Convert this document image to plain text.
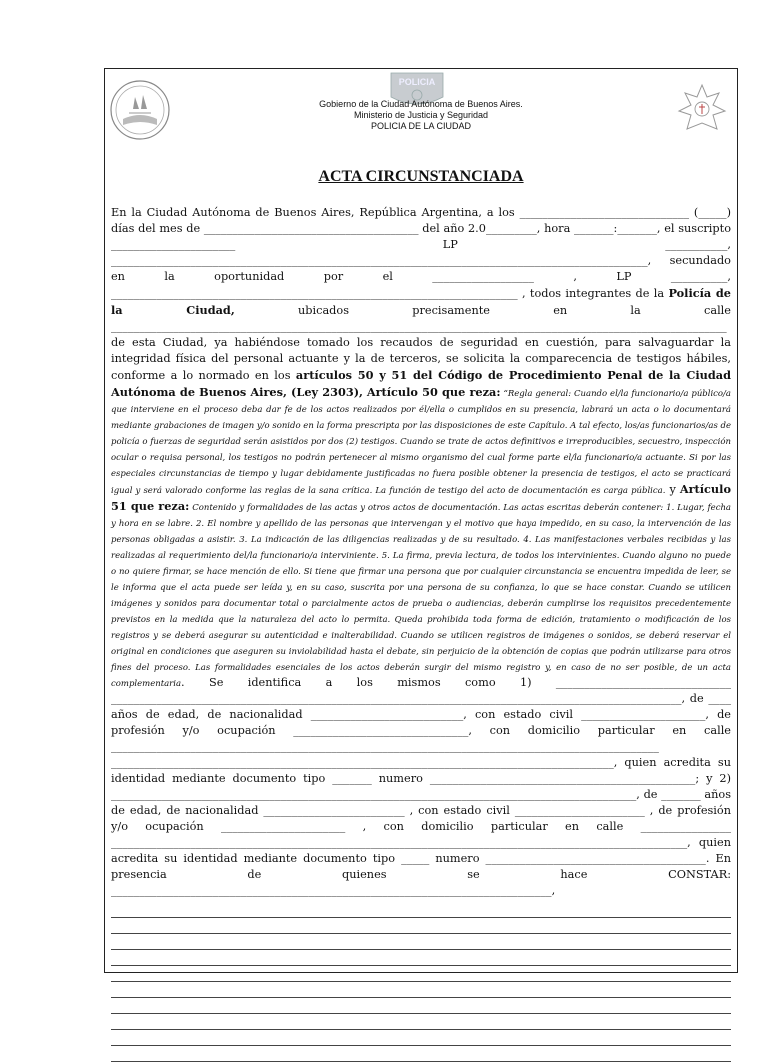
POLICIA
Gobierno de la Ciudad Autónoma de Buenos Aires.
Ministerio de Justicia y Seguridad
POLICIA DE LA CIUDAD
ACTA CIRCUNSTANCIADA

En la Ciudad Autónoma de Buenos Aires, República Argentina, a los ______________________________ (_____) días del mes de ______________________________________ del año 2.0_________, hora _______:_______, el suscripto ______________________ LP ___________, _______________________________________________________________________________________________, secundado en la oportunidad por el __________________ , LP __________, ________________________________________________________________________ , todos integrantes de la Policía de la Ciudad, ubicados precisamente en la calle _____________________________________________________________________________________________________________ de esta Ciudad, ya habiéndose tomado los recaudos de seguridad en cuestión, para salvaguardar la integridad física del personal actuante y la de terceros, se solicita la comparecencia de testigos hábiles, conforme a lo normado en los artículos 50 y 51 del Código de Procedimiento Penal de la Ciudad Autónoma de Buenos Aires, (Ley 2303), Artículo 50 que reza: “Regla general: Cuando el/la funcionario/a público/a que interviene en el proceso deba dar fe de los actos realizados por él/ella o cumplidos en su presencia, labrará un acta o lo documentará mediante grabaciones de imagen y/o sonido en la forma prescripta por las disposiciones de este Capítulo. A tal efecto, los/as funcionarios/as de policía o fuerzas de seguridad serán asistidos por dos (2) testigos. Cuando se trate de actos definitivos e irreproducibles, secuestro, inspección ocular o requisa personal, los testigos no podrán pertenecer al mismo organismo del cual forme parte el/la funcionario/a actuante. Si por las especiales circunstancias de tiempo y lugar debidamente justificadas no fuera posible obtener la presencia de testigos, el acto se practicará igual y será valorado conforme las reglas de la sana crítica. La función de testigo del acto de documentación es carga pública. y Artículo 51 que reza: Contenido y formalidades de las actas y otros actos de documentación. Las actas escritas deberán contener: 1. Lugar, fecha y hora en se labre. 2. El nombre y apellido de las personas que intervengan y el motivo que haya impedido, en su caso, la intervención de las personas obligadas a asistir. 3. La indicación de las diligencias realizadas y de su resultado. 4. Las manifestaciones verbales recibidas y las realizadas al requerimiento del/la funcionario/a interviniente. 5. La firma, previa lectura, de todos los intervinientes. Cuando alguno no puede o no quiere firmar, se hace mención de ello. Si tiene que firmar una persona que por cualquier circunstancia se encuentra impedida de leer, se le informa que el acta puede ser leída y, en su caso, suscrita por una persona de su confianza, lo que se hace constar. Cuando se utilicen imágenes y sonidos para documentar total o parcialmente actos de prueba o audiencias, deberán cumplirse los requisitos precedentemente previstos en la medida que la naturaleza del acto lo permita. Queda prohibida toda forma de edición, tratamiento o modificación de los registros y se deberá asegurar su autenticidad e inalterabilidad. Cuando se utilicen registros de imágenes o sonidos, se deberá reservar el original en condiciones que aseguren su inviolabilidad hasta el debate, sin perjuicio de la obtención de copias que podrán utilizarse para otros fines del proceso. Las formalidades esenciales de los actos deberán surgir del mismo registro y, en caso de no ser posible, de un acta complementaria. Se identifica a los mismos como 1) _______________________________ _____________________________________________________________________________________________________, de ____ años de edad, de nacionalidad ___________________________, con estado civil ______________________, de profesión y/o ocupación _______________________________, con domicilio particular en calle _________________________________________________________________________________________________ _________________________________________________________________________________________, quien acredita su identidad mediante documento tipo _______ numero _______________________________________________; y 2) _____________________________________________________________________________________________, de _______ años de edad, de nacionalidad _________________________ , con estado civil _______________________ , de profesión y/o ocupación ______________________ , con domicilio particular en calle ________________ ______________________________________________________________________________________________________, quien acredita su identidad mediante documento tipo _____ numero _______________________________________. En presencia de quienes se hace CONSTAR: ______________________________________________________________________________,
